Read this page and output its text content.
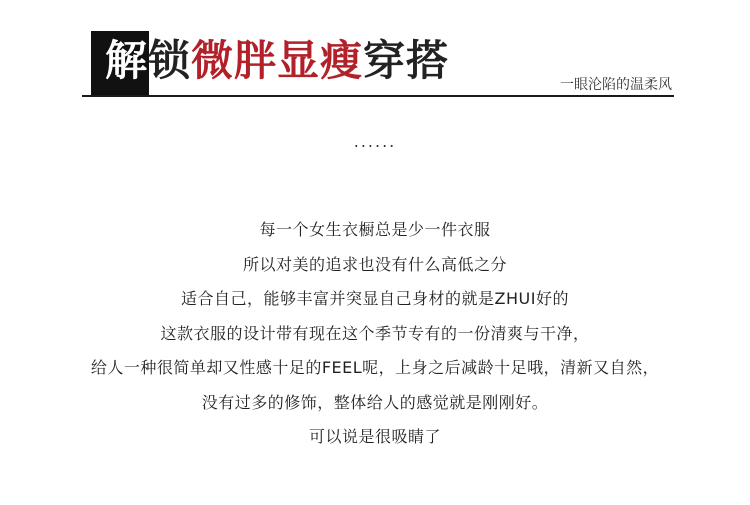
解锁微胖显瘦穿搭	一眼沦陷的温柔风
......
每一个女生衣橱总是少一件衣服
所以对美的追求也没有什么高低之分
适合自己，能够丰富并突显自己身材的就是ZHUI好的
这款衣服的设计带有现在这个季节专有的一份清爽与干净，
给人一种很简单却又性感十足的FEEL呢，上身之后减龄十足哦，清新又自然，
没有过多的修饰，整体给人的感觉就是刚刚好。
可以说是很吸睛了
